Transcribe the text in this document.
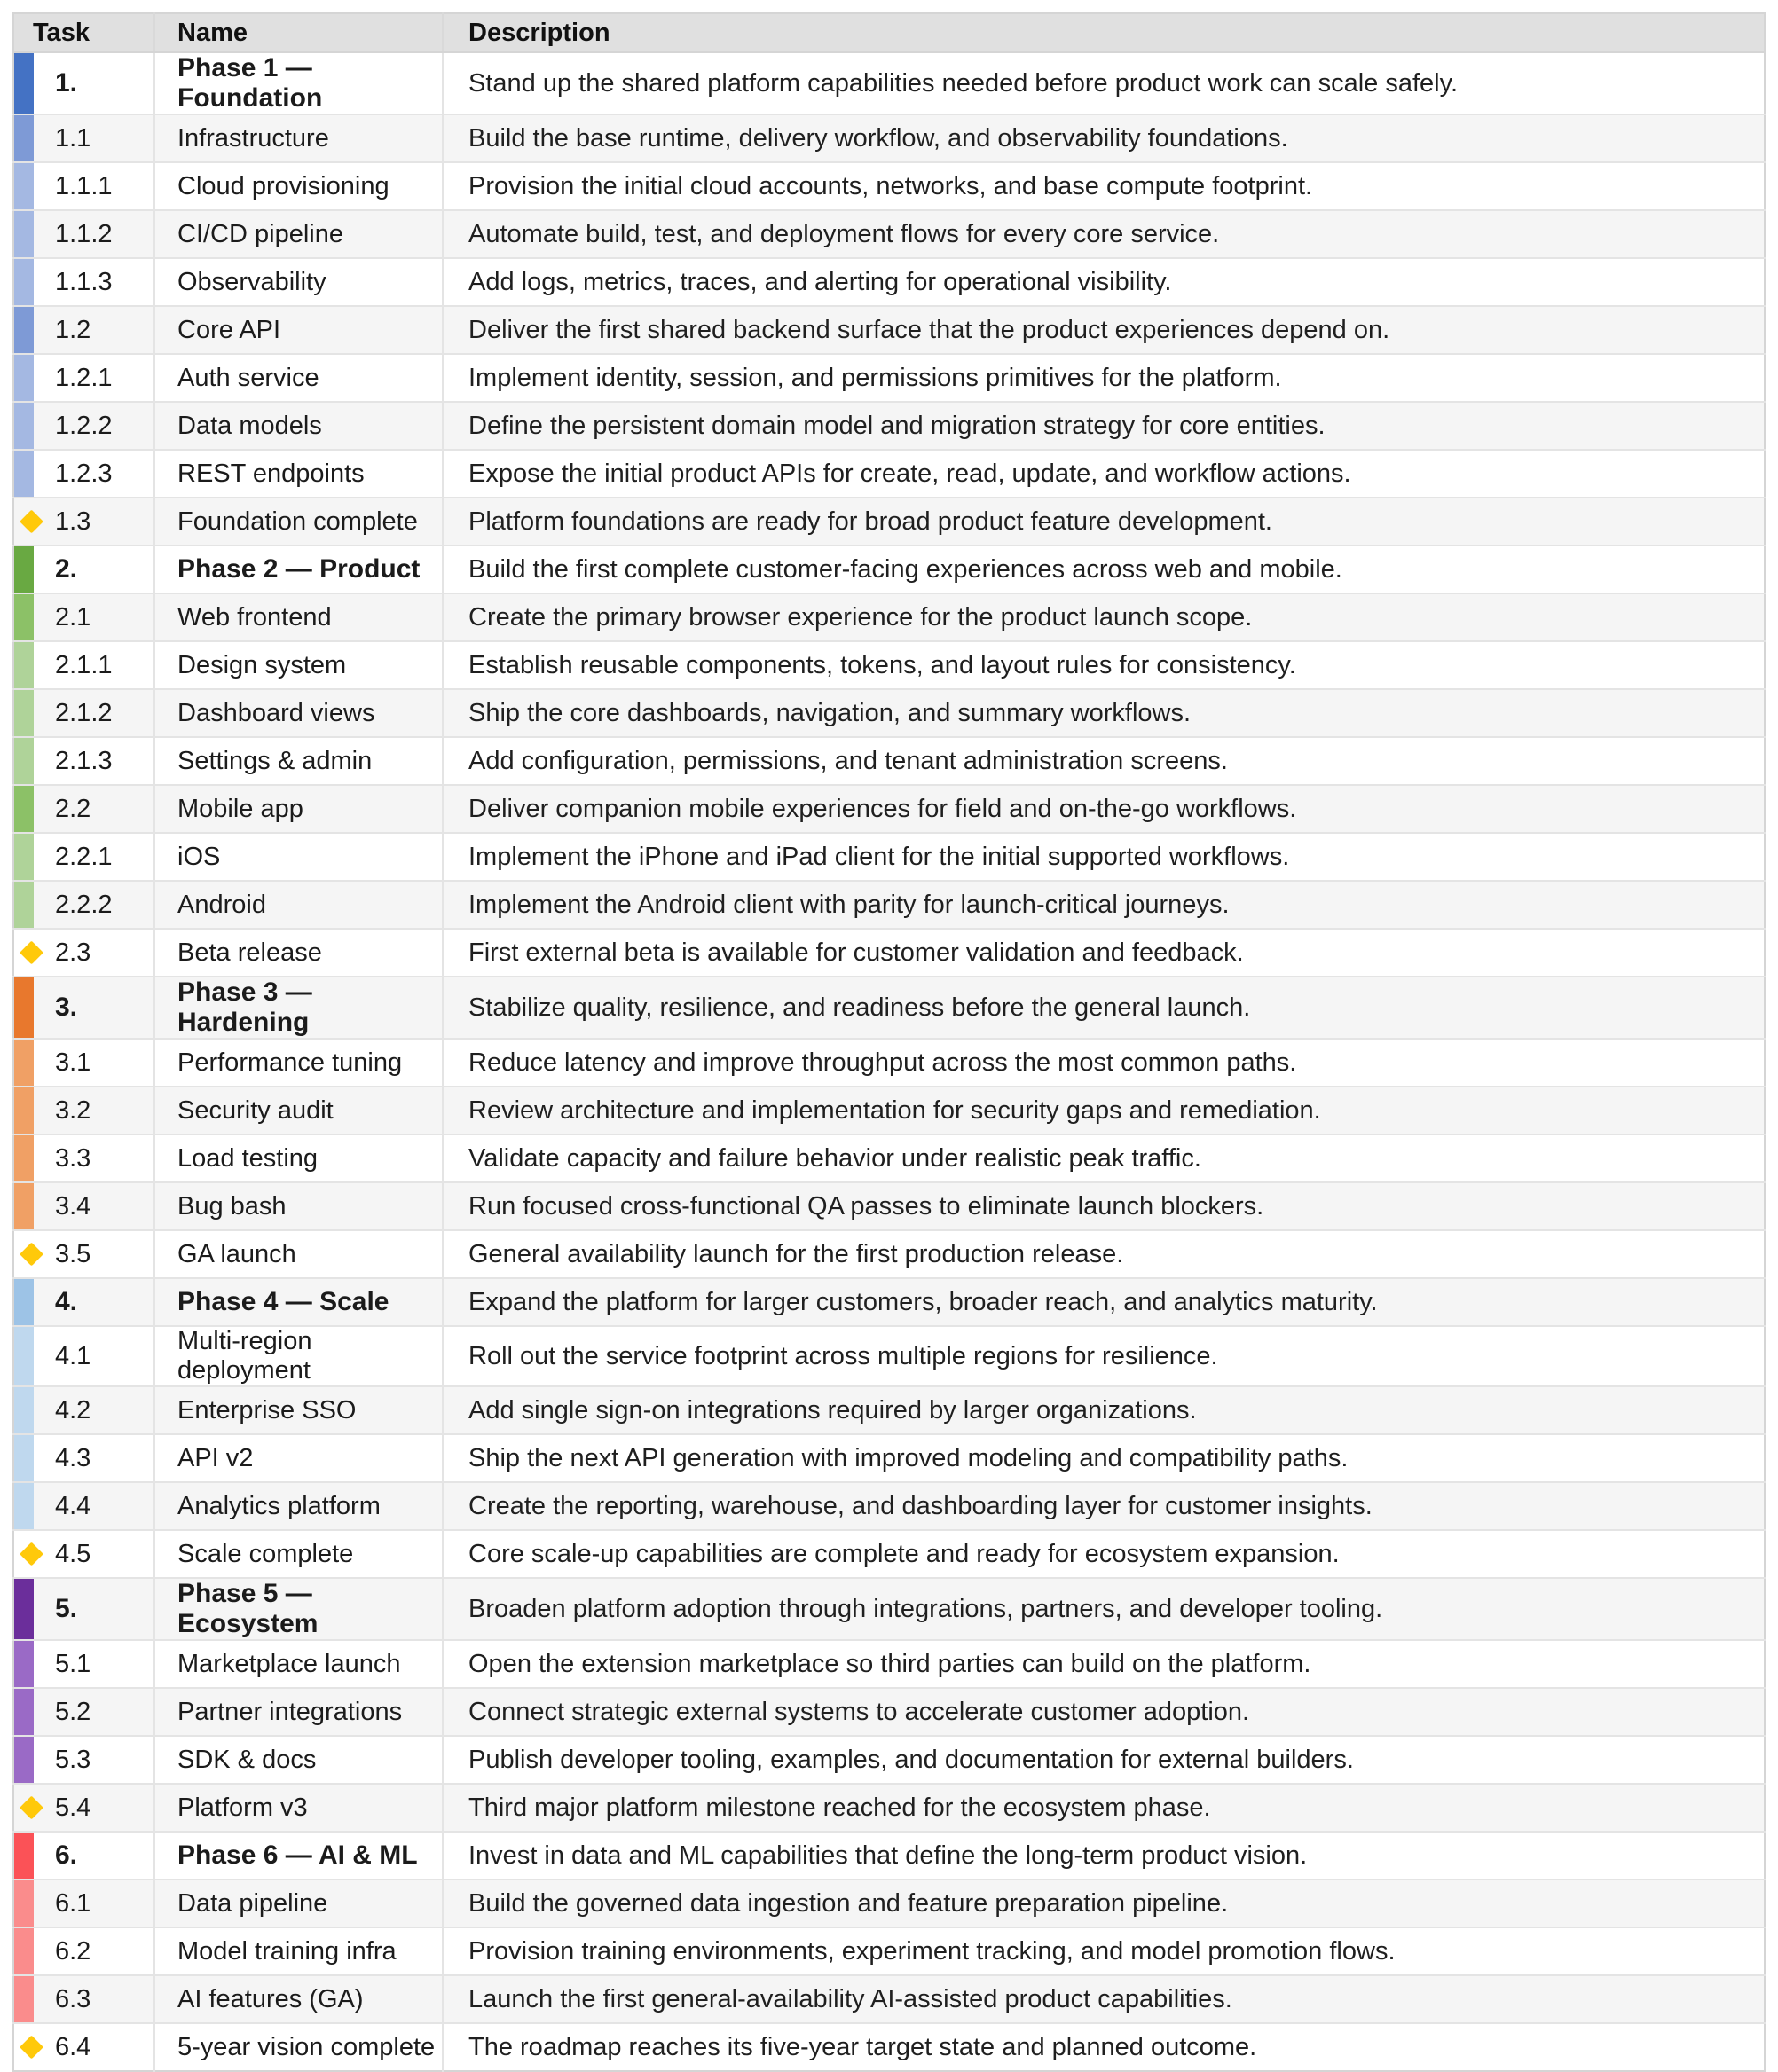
Task	Name	Description

1.	Phase 1 — Foundation	Stand up the shared platform capabilities needed before product work can scale safely.

1.1	Infrastructure	Build the base runtime, delivery workflow, and observability foundations.

1.1.1	Cloud provisioning	Provision the initial cloud accounts, networks, and base compute footprint.

1.1.2	CI/CD pipeline	Automate build, test, and deployment flows for every core service.

1.1.3	Observability	Add logs, metrics, traces, and alerting for operational visibility.

1.2	Core API	Deliver the first shared backend surface that the product experiences depend on.

1.2.1	Auth service	Implement identity, session, and permissions primitives for the platform.

1.2.2	Data models	Define the persistent domain model and migration strategy for core entities.

1.2.3	REST endpoints	Expose the initial product APIs for create, read, update, and workflow actions.

1.3	Foundation complete	Platform foundations are ready for broad product feature development.

2.	Phase 2 — Product	Build the first complete customer-facing experiences across web and mobile.

2.1	Web frontend	Create the primary browser experience for the product launch scope.

2.1.1	Design system	Establish reusable components, tokens, and layout rules for consistency.

2.1.2	Dashboard views	Ship the core dashboards, navigation, and summary workflows.

2.1.3	Settings & admin	Add configuration, permissions, and tenant administration screens.

2.2	Mobile app	Deliver companion mobile experiences for field and on-the-go workflows.

2.2.1	iOS	Implement the iPhone and iPad client for the initial supported workflows.

2.2.2	Android	Implement the Android client with parity for launch-critical journeys.

2.3	Beta release	First external beta is available for customer validation and feedback.

3.	Phase 3 — Hardening	Stabilize quality, resilience, and readiness before the general launch.

3.1	Performance tuning	Reduce latency and improve throughput across the most common paths.

3.2	Security audit	Review architecture and implementation for security gaps and remediation.

3.3	Load testing	Validate capacity and failure behavior under realistic peak traffic.

3.4	Bug bash	Run focused cross-functional QA passes to eliminate launch blockers.

3.5	GA launch	General availability launch for the first production release.

4.	Phase 4 — Scale	Expand the platform for larger customers, broader reach, and analytics maturity.

4.1	Multi-region deployment	Roll out the service footprint across multiple regions for resilience.

4.2	Enterprise SSO	Add single sign-on integrations required by larger organizations.

4.3	API v2	Ship the next API generation with improved modeling and compatibility paths.

4.4	Analytics platform	Create the reporting, warehouse, and dashboarding layer for customer insights.

4.5	Scale complete	Core scale-up capabilities are complete and ready for ecosystem expansion.

5.	Phase 5 — Ecosystem	Broaden platform adoption through integrations, partners, and developer tooling.

5.1	Marketplace launch	Open the extension marketplace so third parties can build on the platform.

5.2	Partner integrations	Connect strategic external systems to accelerate customer adoption.

5.3	SDK & docs	Publish developer tooling, examples, and documentation for external builders.

5.4	Platform v3	Third major platform milestone reached for the ecosystem phase.

6.	Phase 6 — AI & ML	Invest in data and ML capabilities that define the long-term product vision.

6.1	Data pipeline	Build the governed data ingestion and feature preparation pipeline.

6.2	Model training infra	Provision training environments, experiment tracking, and model promotion flows.

6.3	AI features (GA)	Launch the first general-availability AI-assisted product capabilities.

6.4	5-year vision complete	The roadmap reaches its five-year target state and planned outcome.
